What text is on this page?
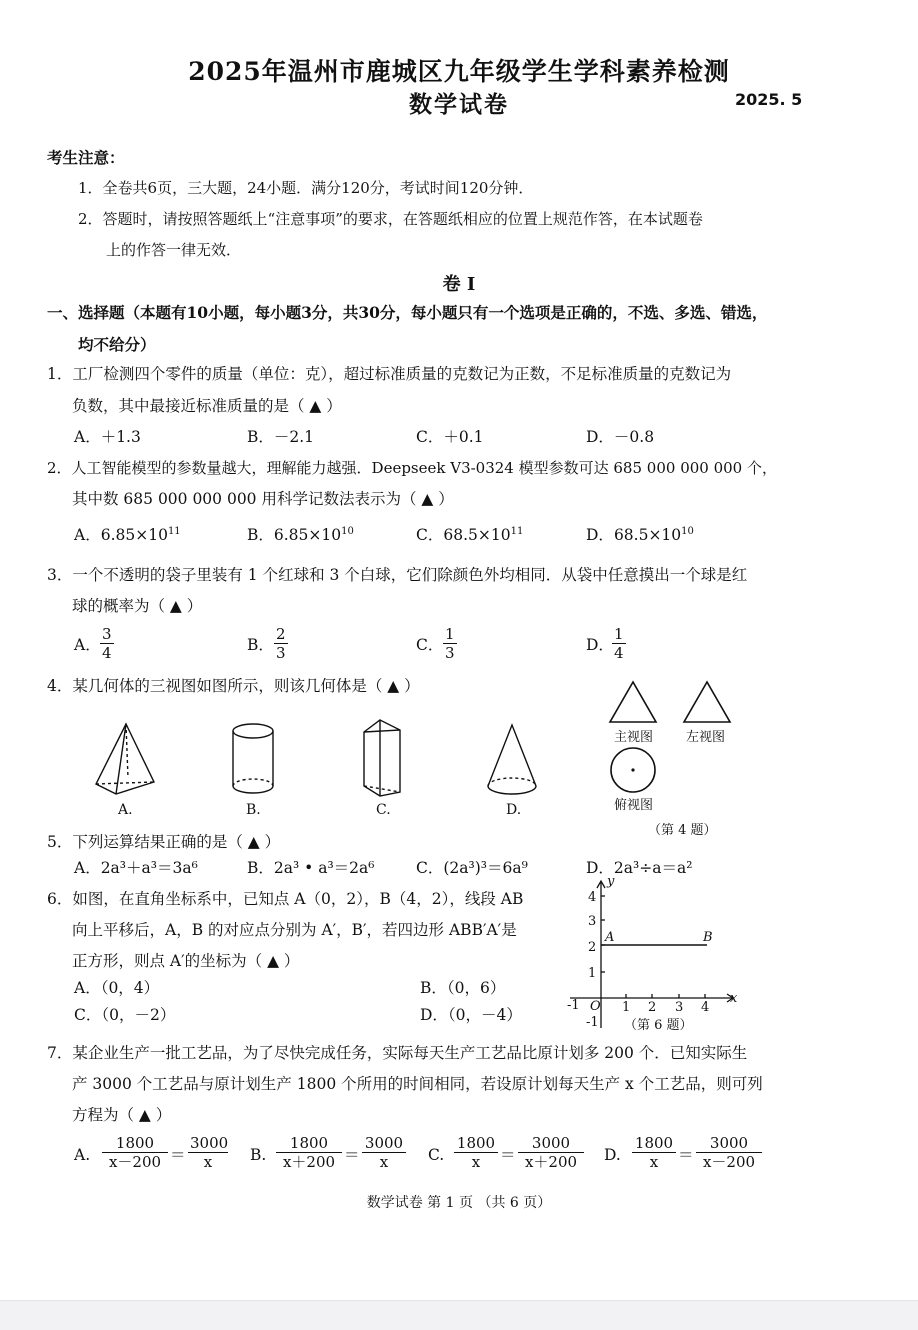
2025年温州市鹿城区九年级学生学科素养检测
数学试卷	2025. 5
考生注意：
1．全卷共6页，三大题，24小题．满分120分，考试时间120分钟．
2．答题时，请按照答题纸上“注意事项”的要求，在答题纸相应的位置上规范作答，在本试题卷
上的作答一律无效．
卷 I
一、选择题（本题有10小题，每小题3分，共30分，每小题只有一个选项是正确的，不选、多选、错选，
均不给分）
1．工厂检测四个零件的质量（单位：克），超过标准质量的克数记为正数，不足标准质量的克数记为
负数，其中最接近标准质量的是（ ▲ ）
A．＋1.3	B．－2.1	C．＋0.1	D．－0.8
2．人工智能模型的参数量越大，理解能力越强．Deepseek V3-0324 模型参数可达 685 000 000 000 个，
其中数 685 000 000 000 用科学记数法表示为（ ▲ ）
A．$6.85\times 10^{11}$	B．$6.85\times 10^{10}$	C．$68.5\times 10^{11}$	D．$68.5\times 10^{10}$
3．一个不透明的袋子里装有 1 个红球和 3 个白球，它们除颜色外均相同．从袋中任意摸出一个球是红
球的概率为（ ▲ ）
A． $\frac{3}{4}$	B． $\frac{2}{3}$	C． $\frac{1}{3}$	D．
$\frac{1}{4}$
4．某几何体的三视图如图所示，则该几何体是（ ▲ ）
A.	B.	C.	D.
主视图	左视图
俯视图
（第 4 题）
5．下列运算结果正确的是（ ▲ ）
A．2a³＋a³＝3a⁶	B．2a³ • a³＝2a⁶	C．(2a³)³＝6a⁹	D．2a³÷a＝a²
6．如图，在直角坐标系中，已知点 A（0，2），B（4，2），线段 AB
向上平移后，A，B 的对应点分别为 A′，B′，若四边形 ABB′A′是
正方形，则点 A′的坐标为（ ▲ ）
A．（0，4）	B．（0，6）
C．（0，－2）	D．（0，－4）
y
x
4
3
2
1
-1
-1	1 2 3 4
O
A	B
（第 6 题）
7．某企业生产一批工艺品，为了尽快完成任务，实际每天生产工艺品比原计划多 200 个．已知实际生
产 3000 个工艺品与原计划生产 1800 个所用的时间相同，若设原计划每天生产 x 个工艺品，则可列
方程为（ ▲ ）
A. $\frac{1800}{x-200} = \frac{3000}{x} B$. $\frac{1800}{x+200} = \frac{3000}{x} C$. $\frac{1800}{x} = \frac{3000}{x+200} D$. $\frac{1800}{x} = \frac{3000}{x-200}$
数学试卷 第 1 页 （共 6 页）
